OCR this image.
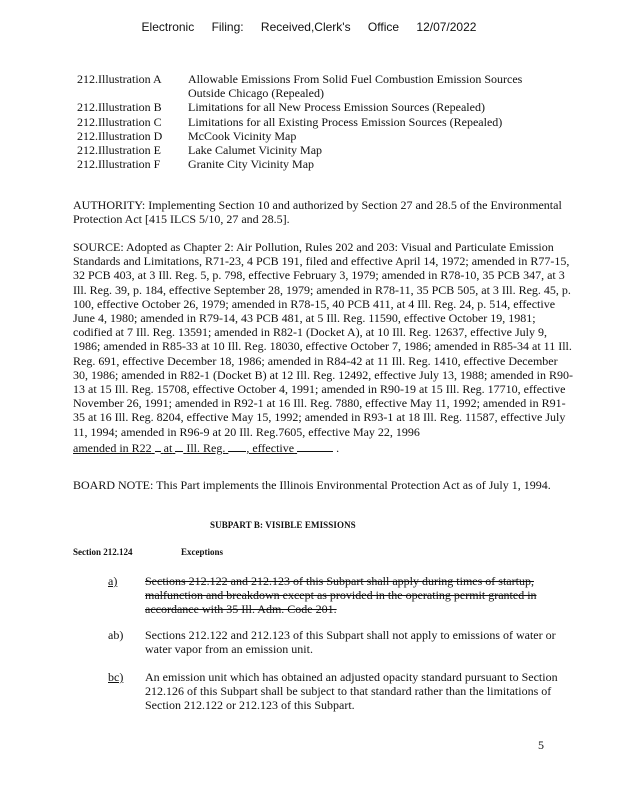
Electronic Filing: Received,Clerk's Office 12/07/2022
212.Illustration A	Allowable Emissions From Solid Fuel Combustion Emission Sources Outside Chicago (Repealed)
212.Illustration B	Limitations for all New Process Emission Sources (Repealed)
212.Illustration C	Limitations for all Existing Process Emission Sources (Repealed)
212.Illustration D	McCook Vicinity Map
212.Illustration E	Lake Calumet Vicinity Map
212.Illustration F	Granite City Vicinity Map
AUTHORITY: Implementing Section 10 and authorized by Section 27 and 28.5 of the Environmental Protection Act [415 ILCS 5/10, 27 and 28.5].
SOURCE: Adopted as Chapter 2: Air Pollution, Rules 202 and 203: Visual and Particulate Emission Standards and Limitations, R71-23, 4 PCB 191, filed and effective April 14, 1972; amended in R77-15, 32 PCB 403, at 3 Ill. Reg. 5, p. 798, effective February 3, 1979; amended in R78-10, 35 PCB 347, at 3 Ill. Reg. 39, p. 184, effective September 28, 1979; amended in R78-11, 35 PCB 505, at 3 Ill. Reg. 45, p. 100, effective October 26, 1979; amended in R78-15, 40 PCB 411, at 4 Ill. Reg. 24, p. 514, effective June 4, 1980; amended in R79-14, 43 PCB 481, at 5 Ill. Reg. 11590, effective October 19, 1981; codified at 7 Ill. Reg. 13591; amended in R82-1 (Docket A), at 10 Ill. Reg. 12637, effective July 9, 1986; amended in R85-33 at 10 Ill. Reg. 18030, effective October 7, 1986; amended in R85-34 at 11 Ill. Reg. 691, effective December 18, 1986; amended in R84-42 at 11 Ill. Reg. 1410, effective December 30, 1986; amended in R82-1 (Docket B) at 12 Ill. Reg. 12492, effective July 13, 1988; amended in R90-13 at 15 Ill. Reg. 15708, effective October 4, 1991; amended in R90-19 at 15 Ill. Reg. 17710, effective November 26, 1991; amended in R92-1 at 16 Ill. Reg. 7880, effective May 11, 1992; amended in R91-35 at 16 Ill. Reg. 8204, effective May 15, 1992; amended in R93-1 at 18 Ill. Reg. 11587, effective July 11, 1994; amended in R96-9 at 20 Ill. Reg.7605, effective May 22, 1996
amended in R22 at Ill. Reg. , effective	.
BOARD NOTE: This Part implements the Illinois Environmental Protection Act as of July 1, 1994.
SUBPART B: VISIBLE EMISSIONS
Section 212.124	Exceptions
a)	Sections 212.122 and 212.123 of this Subpart shall apply during times of startup, malfunction and breakdown except as provided in the operating permit granted in accordance with 35 Ill. Adm. Code 201.
ab)	Sections 212.122 and 212.123 of this Subpart shall not apply to emissions of water or water vapor from an emission unit.
bc)	An emission unit which has obtained an adjusted opacity standard pursuant to Section 212.126 of this Subpart shall be subject to that standard rather than the limitations of Section 212.122 or 212.123 of this Subpart.
5
